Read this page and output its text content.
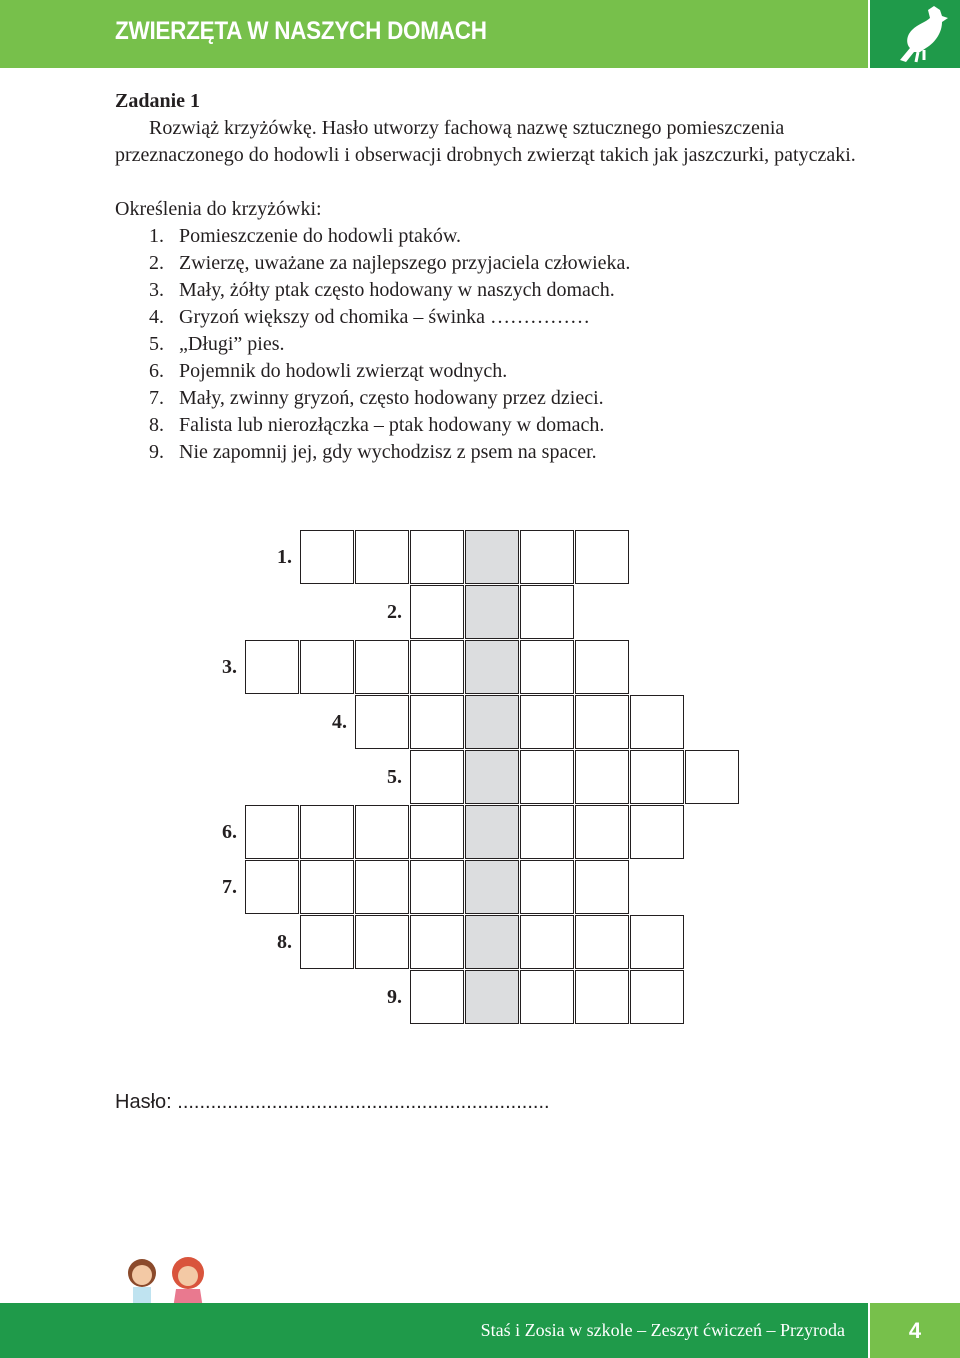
ZWIERZĘTA W NASZYCH DOMACH
Zadanie 1
Rozwiąż krzyżówkę. Hasło utworzy fachową nazwę sztucznego pomieszczenia przeznaczonego do hodowli i obserwacji drobnych zwierząt takich jak jaszczurki, patyczaki.
Określenia do krzyżówki:
1. Pomieszczenie do hodowli ptaków.
2. Zwierzę, uważane za najlepszego przyjaciela człowieka.
3. Mały, żółty ptak często hodowany w naszych domach.
4. Gryzoń większy od chomika – świnka ……………
5. „Długi” pies.
6. Pojemnik do hodowli zwierząt wodnych.
7. Mały, zwinny gryzoń, często hodowany przez dzieci.
8. Falista lub nierozłączka – ptak hodowany w domach.
9. Nie zapomnij jej, gdy wychodzisz z psem na spacer.
1.
2.
3.
4.
5.
6.
7.
8.
9.
Hasło: ...................................................................
Staś i Zosia w szkole – Zeszyt ćwiczeń – Przyroda	4
